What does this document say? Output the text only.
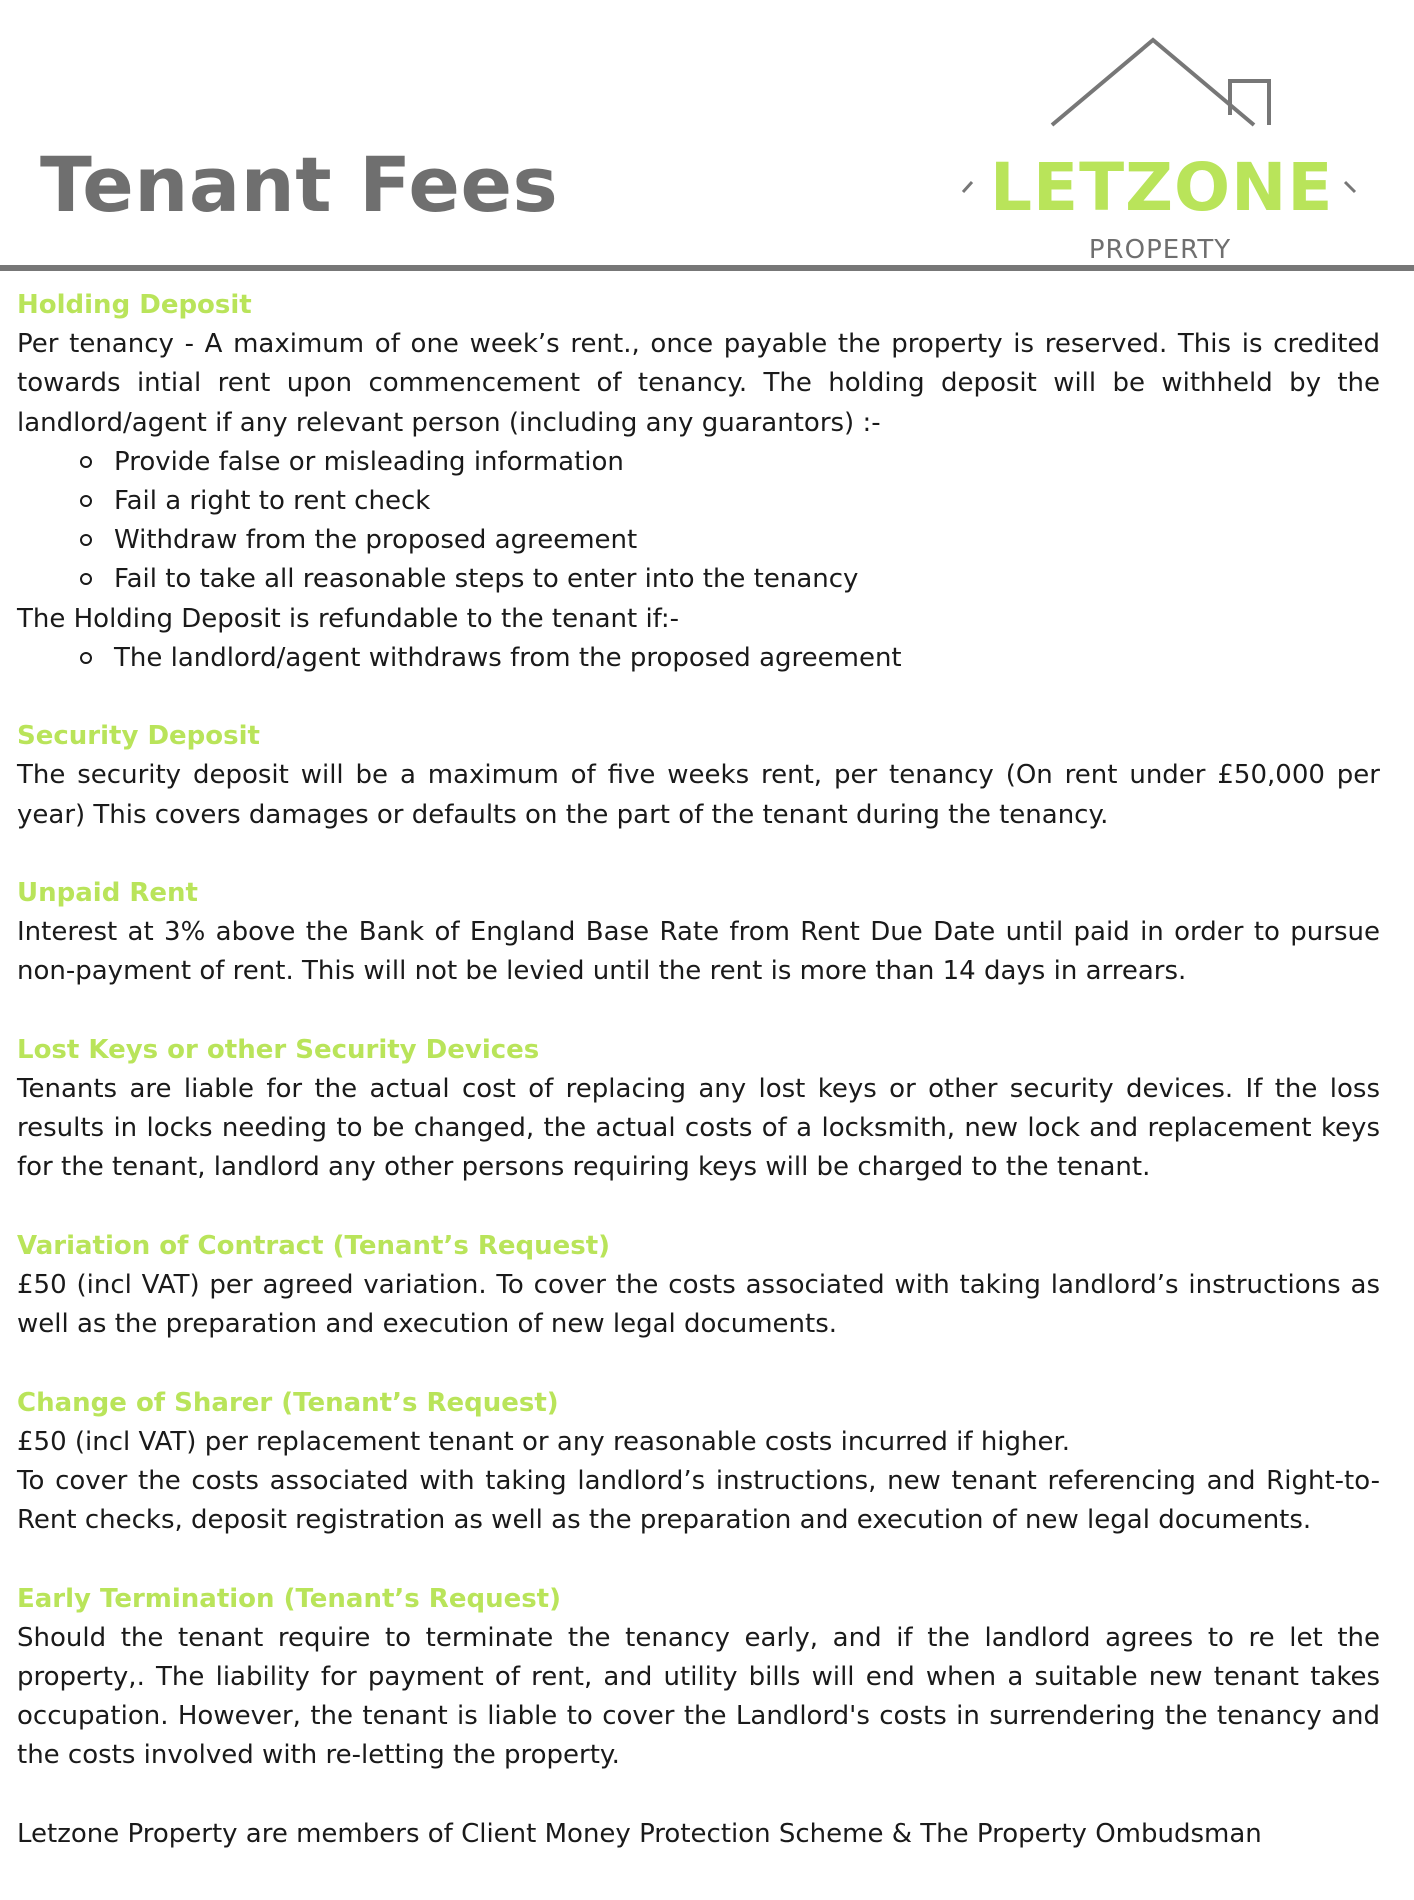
Tenant Fees	LETZONE
PROPERTY
Holding Deposit

Per tenancy - A maximum of one week’s rent., once payable the property is reserved. This is credited towards intial rent upon commencement of tenancy. The holding deposit will be withheld by the landlord/agent if any relevant person (including any guarantors) :-

Provide false or misleading information
Fail a right to rent check
Withdraw from the proposed agreement
Fail to take all reasonable steps to enter into the tenancy

The Holding Deposit is refundable to the tenant if:-

The landlord/agent withdraws from the proposed agreement
Security Deposit

The security deposit will be a maximum of five weeks rent, per tenancy (On rent under £50,000 per year) This covers damages or defaults on the part of the tenant during the tenancy.

Unpaid Rent

Interest at 3% above the Bank of England Base Rate from Rent Due Date until paid in order to pursue non-payment of rent. This will not be levied until the rent is more than 14 days in arrears.

Lost Keys or other Security Devices

Tenants are liable for the actual cost of replacing any lost keys or other security devices. If the loss results in locks needing to be changed, the actual costs of a locksmith, new lock and replacement keys for the tenant, landlord any other persons requiring keys will be charged to the tenant.

Variation of Contract (Tenant’s Request)

£50 (incl VAT) per agreed variation. To cover the costs associated with taking landlord’s instructions as well as the preparation and execution of new legal documents.

Change of Sharer (Tenant’s Request)

£50 (incl VAT) per replacement tenant or any reasonable costs incurred if higher.

To cover the costs associated with taking landlord’s instructions, new tenant referencing and Right-to-Rent checks, deposit registration as well as the preparation and execution of new legal documents.

Early Termination (Tenant’s Request)

Should the tenant require to terminate the tenancy early, and if the landlord agrees to re let the property,. The liability for payment of rent, and utility bills will end when a suitable new tenant takes occupation. However, the tenant is liable to cover the Landlord's costs in surrendering the tenancy and the costs involved with re-letting the property.

Letzone Property are members of Client Money Protection Scheme & The Property Ombudsman
